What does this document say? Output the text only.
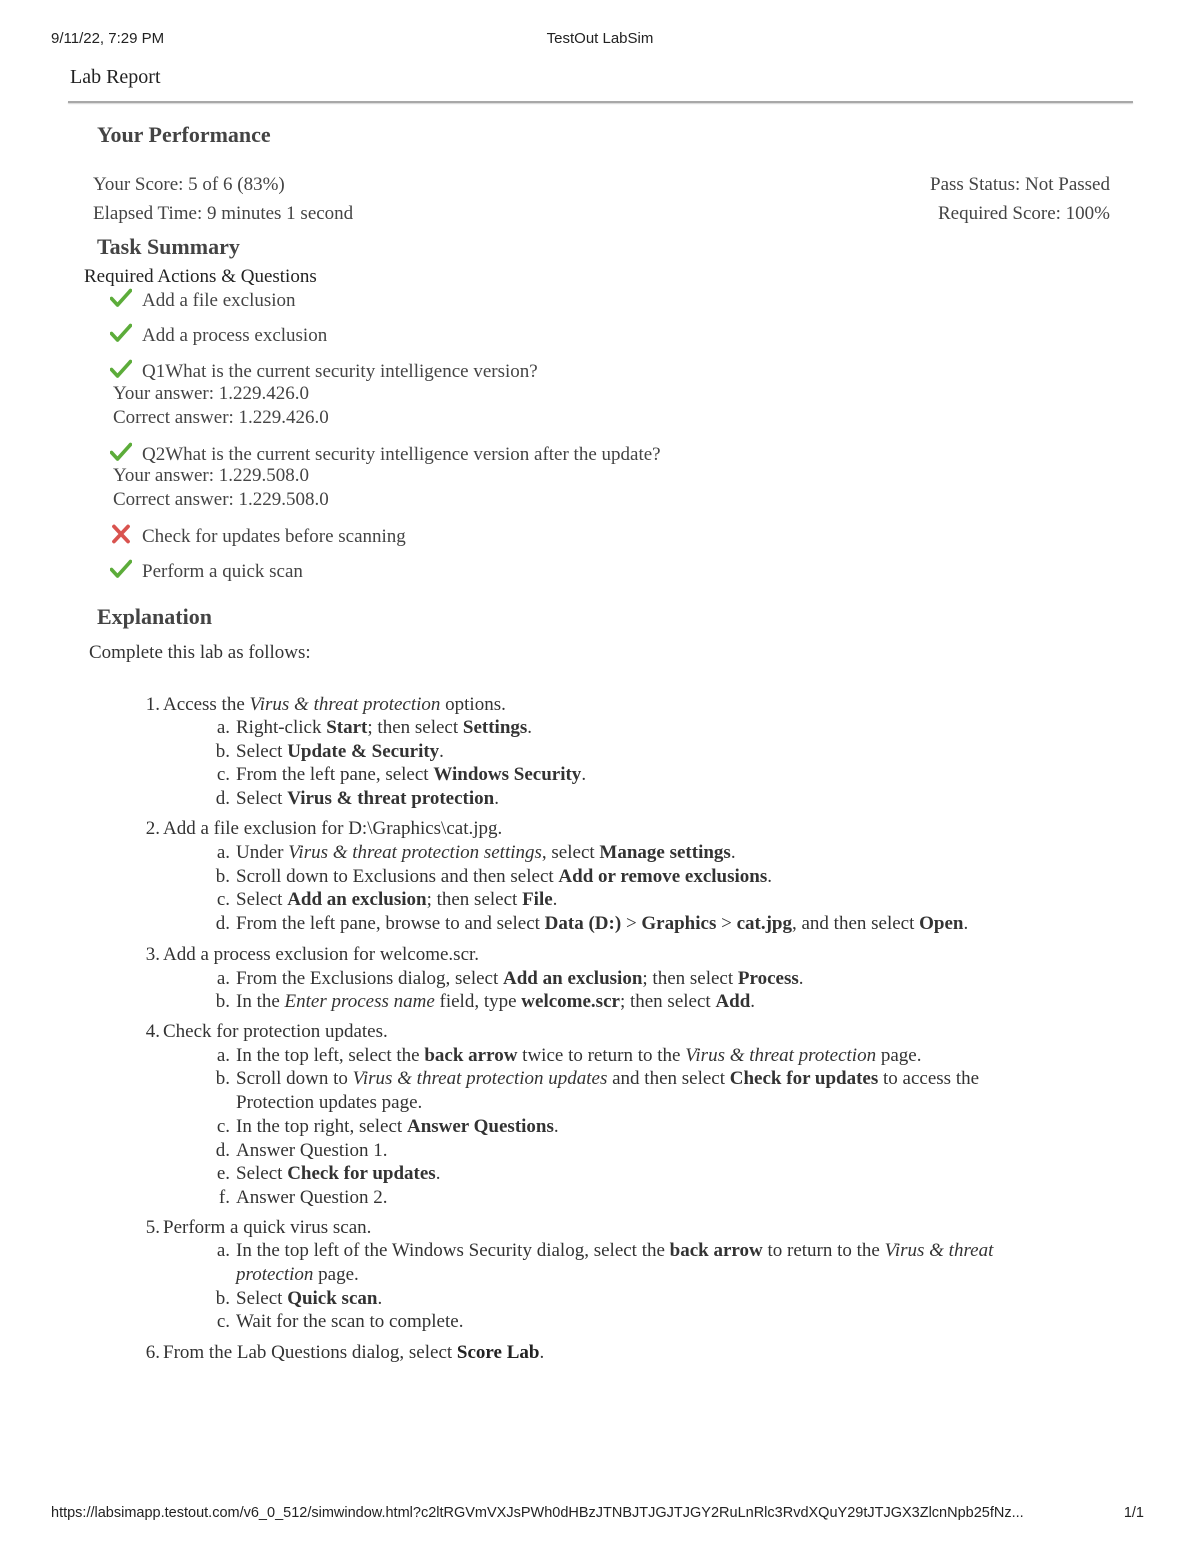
9/11/22, 7:29 PM	TestOut LabSim
Lab Report
Your Performance
Your Score: 5 of 6 (83%)
Elapsed Time: 9 minutes 1 second
Pass Status: Not Passed
Required Score: 100%
Task Summary
Required Actions & Questions
Add a file exclusion
Add a process exclusion
Q1What is the current security intelligence version?
Your answer: 1.229.426.0
Correct answer: 1.229.426.0
Q2What is the current security intelligence version after the update?
Your answer: 1.229.508.0
Correct answer: 1.229.508.0
Check for updates before scanning
Perform a quick scan
Explanation
Complete this lab as follows:
1. Access the Virus & threat protection options.
a. Right-click Start; then select Settings.
b. Select Update & Security.
c. From the left pane, select Windows Security.
d. Select Virus & threat protection.
2. Add a file exclusion for D:\Graphics\cat.jpg.
a. Under Virus & threat protection settings, select Manage settings.
b. Scroll down to Exclusions and then select Add or remove exclusions.
c. Select Add an exclusion; then select File.
d. From the left pane, browse to and select Data (D:) > Graphics > cat.jpg, and then select Open.
3. Add a process exclusion for welcome.scr.
a. From the Exclusions dialog, select Add an exclusion; then select Process.
b. In the Enter process name field, type welcome.scr; then select Add.
4. Check for protection updates.
a. In the top left, select the back arrow twice to return to the Virus & threat protection page.
b. Scroll down to Virus & threat protection updates and then select Check for updates to access the
Protection updates page.
c. In the top right, select Answer Questions.
d. Answer Question 1.
e. Select Check for updates.
f. Answer Question 2.
5. Perform a quick virus scan.
a. In the top left of the Windows Security dialog, select the back arrow to return to the Virus & threat
protection page.
b. Select Quick scan.
c. Wait for the scan to complete.
6. From the Lab Questions dialog, select Score Lab.
https://labsimapp.testout.com/v6_0_512/simwindow.html?c2ltRGVmVXJsPWh0dHBzJTNBJTJGJTJGY2RuLnRlc3RvdXQuY29tJTJGX3ZlcnNpb25fNz...	1/1
